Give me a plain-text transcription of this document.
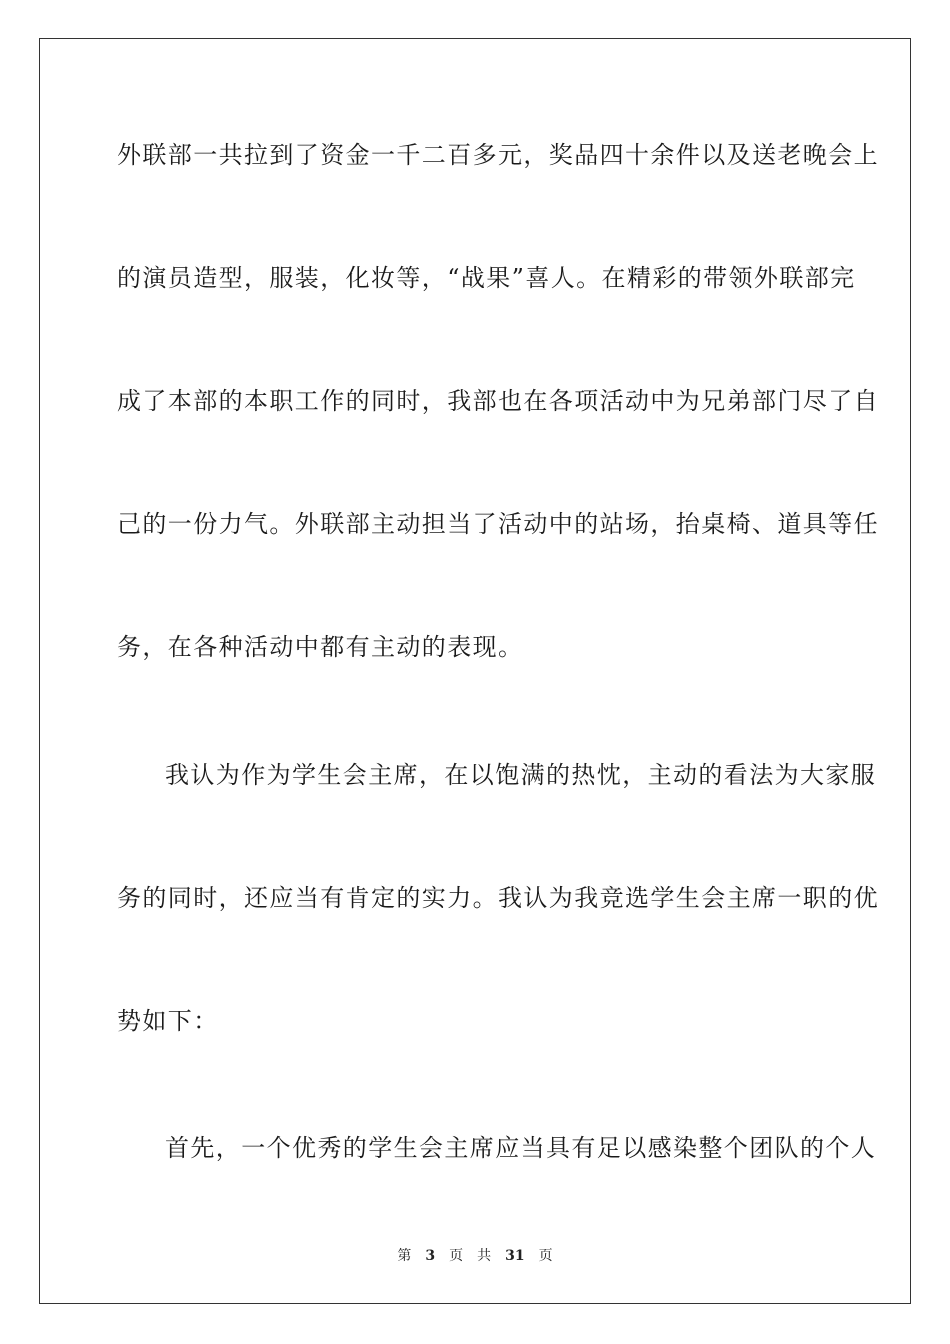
外联部一共拉到了资金一千二百多元，奖品四十余件以及送老晚会上
的演员造型，服装，化妆等，“战果”喜人。在精彩的带领外联部完
成了本部的本职工作的同时，我部也在各项活动中为兄弟部门尽了自
己的一份力气。外联部主动担当了活动中的站场，抬桌椅、道具等任
务，在各种活动中都有主动的表现。
我认为作为学生会主席，在以饱满的热忱，主动的看法为大家服
务的同时，还应当有肯定的实力。我认为我竞选学生会主席一职的优
势如下：
首先，一个优秀的学生会主席应当具有足以感染整个团队的个人
第 3 页 共 31 页
